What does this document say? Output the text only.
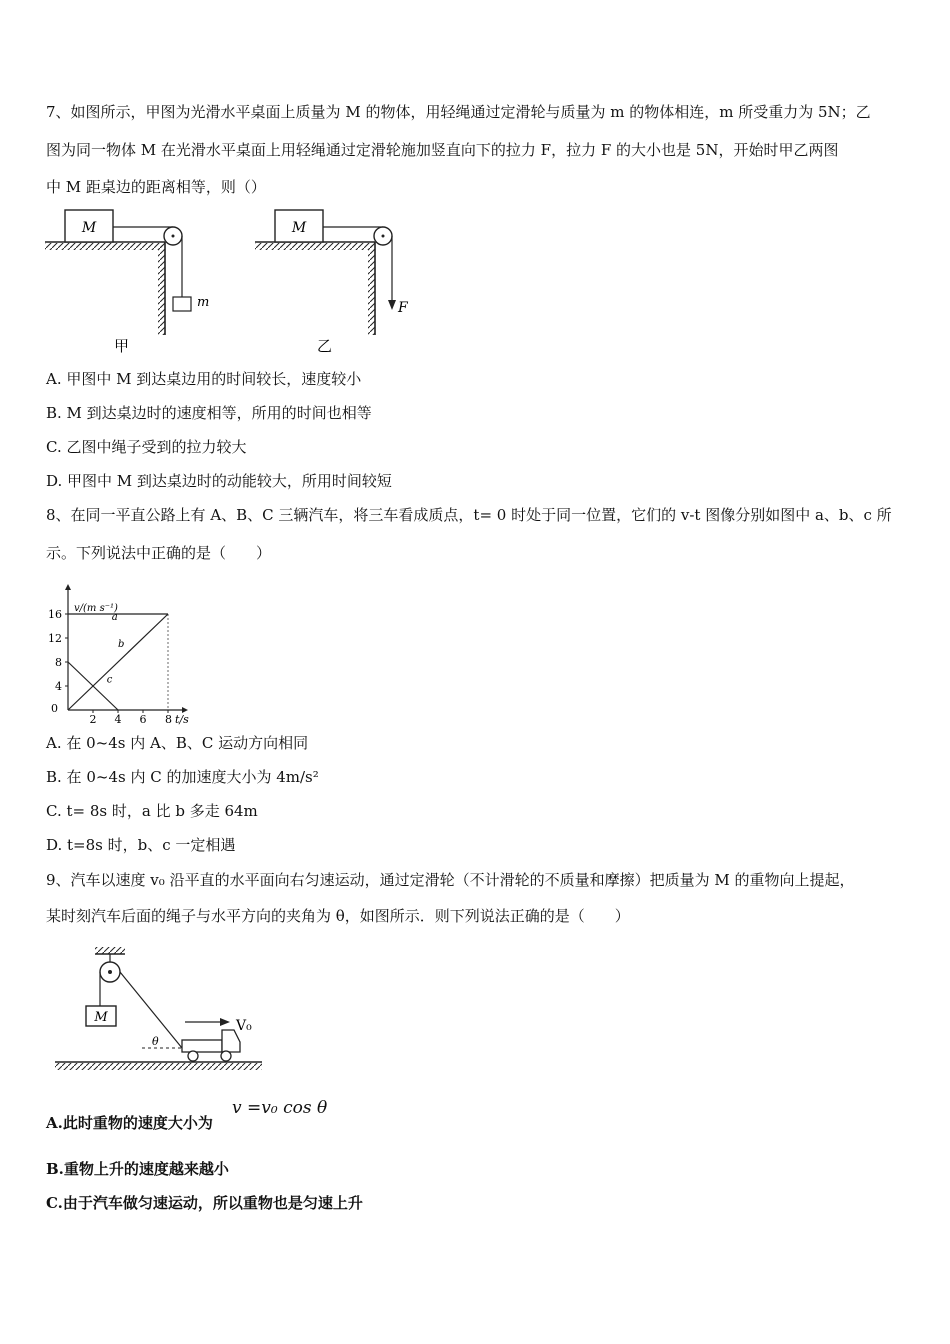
7、如图所示，甲图为光滑水平桌面上质量为 M 的物体，用轻绳通过定滑轮与质量为 m 的物体相连，m 所受重力为 5N；乙
图为同一物体 M 在光滑水平桌面上用轻绳通过定滑轮施加竖直向下的拉力 F，拉力 F 的大小也是 5N，开始时甲乙两图
中 M 距桌边的距离相等，则（）
M
m
甲
M
F
乙
A. 甲图中 M 到达桌边用的时间较长，速度较小
B. M 到达桌边时的速度相等，所用的时间也相等
C. 乙图中绳子受到的拉力较大
D. 甲图中 M 到达桌边时的动能较大，所用时间较短
8、在同一平直公路上有 A、B、C 三辆汽车，将三车看成质点，t= 0 时处于同一位置，它们的 v-t 图像分别如图中 a、b、c 所
示。下列说法中正确的是（　　）
4
8
12
16
2 4 6 8 t/s
0
v/(m s⁻¹)
a
b
c
A. 在 0~4s 内 A、B、C 运动方向相同
B. 在 0~4s 内 C 的加速度大小为 4m/s²
C. t= 8s 时，a 比 b 多走 64m
D. t=8s 时，b、c 一定相遇
9、汽车以速度 v₀ 沿平直的水平面向右匀速运动，通过定滑轮（不计滑轮的不质量和摩擦）把质量为 M 的重物向上提起，
某时刻汽车后面的绳子与水平方向的夹角为 θ，如图所示．则下列说法正确的是（　　）
M
θ
V₀
A.此时重物的速度大小为
v =v₀ cos θ
B.重物上升的速度越来越小
C.由于汽车做匀速运动，所以重物也是匀速上升
